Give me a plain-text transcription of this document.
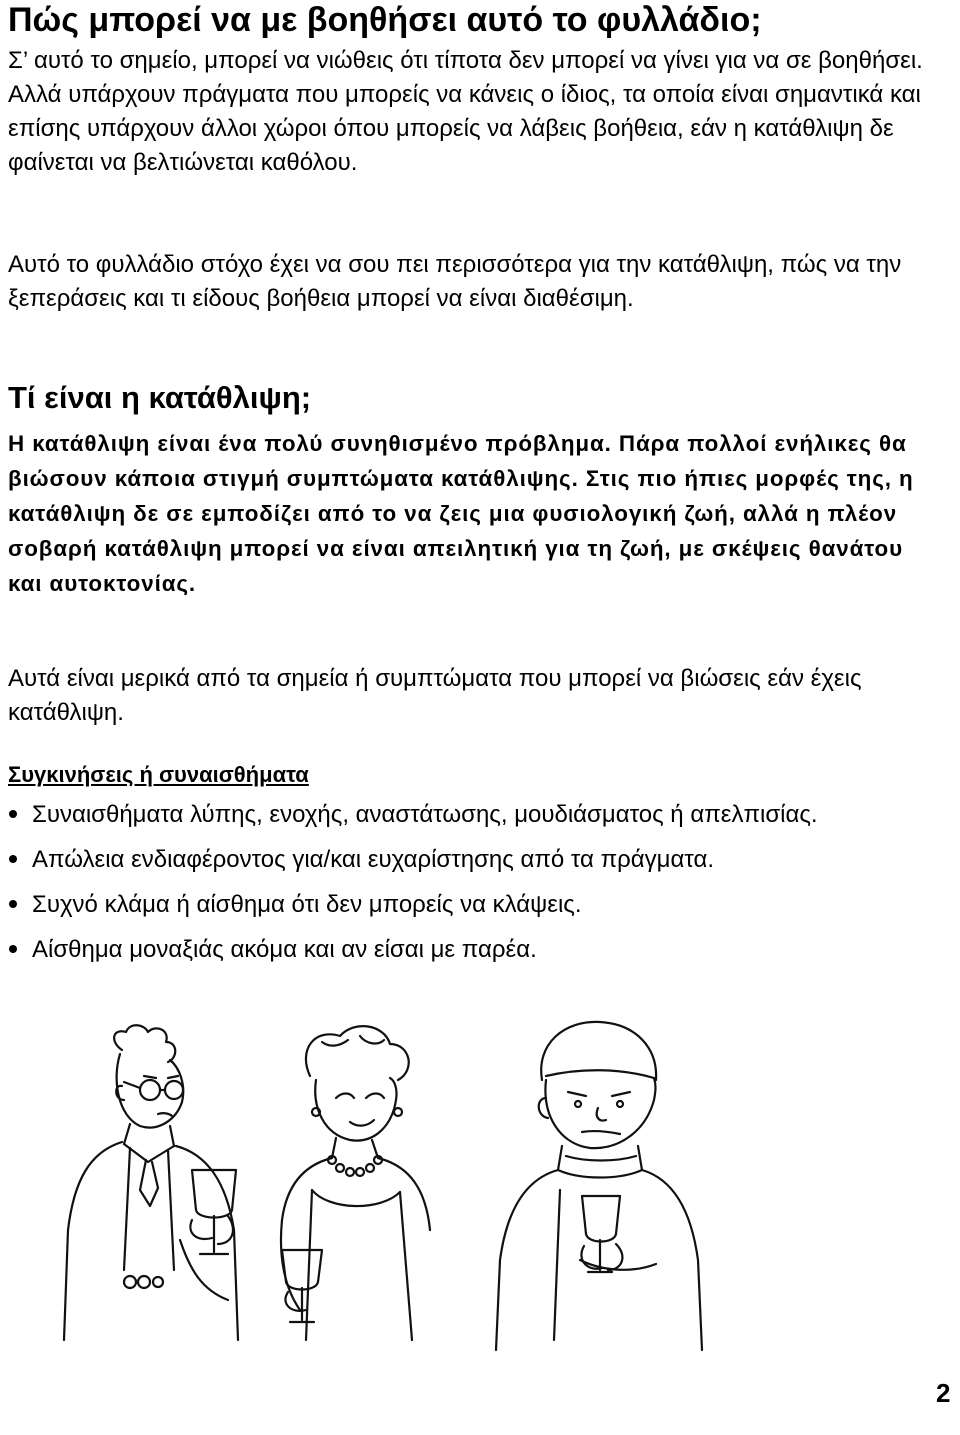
Πώς μπορεί να με βοηθήσει αυτό το φυλλάδιο;

Σ’ αυτό το σημείο, μπορεί να νιώθεις ότι τίποτα δεν μπορεί να γίνει για να σε βοηθήσει. Αλλά υπάρχουν πράγματα που μπορείς να κάνεις ο ίδιος, τα οποία είναι σημαντικά και επίσης υπάρχουν άλλοι χώροι όπου μπορείς να λάβεις βοήθεια, εάν η κατάθλιψη δε φαίνεται να βελτιώνεται καθόλου.

Αυτό το φυλλάδιο στόχο έχει να σου πει περισσότερα για την κατάθλιψη, πώς να την ξεπεράσεις και τι είδους βοήθεια μπορεί να είναι διαθέσιμη.

Τί είναι η κατάθλιψη;

Η κατάθλιψη είναι ένα πολύ συνηθισμένο πρόβλημα. Πάρα πολλοί ενήλικες θα βιώσουν κάποια στιγμή συμπτώματα κατάθλιψης. Στις πιο ήπιες μορφές της, η κατάθλιψη δε σε εμποδίζει από το να ζεις μια φυσιολογική ζωή, αλλά η πλέον σοβαρή κατάθλιψη μπορεί να είναι απειλητική για τη ζωή, με σκέψεις θανάτου και αυτοκτονίας.

Αυτά είναι μερικά από τα σημεία ή συμπτώματα που μπορεί να βιώσεις εάν έχεις κατάθλιψη.

Συγκινήσεις ή συναισθήματα
Συναισθήματα λύπης, ενοχής, αναστάτωσης, μουδιάσματος ή απελπισίας.
Απώλεια ενδιαφέροντος για/και ευχαρίστησης από τα πράγματα.
Συχνό κλάμα ή αίσθημα ότι δεν μπορείς να κλάψεις.
Αίσθημα μοναξιάς ακόμα και αν είσαι με παρέα.
2
